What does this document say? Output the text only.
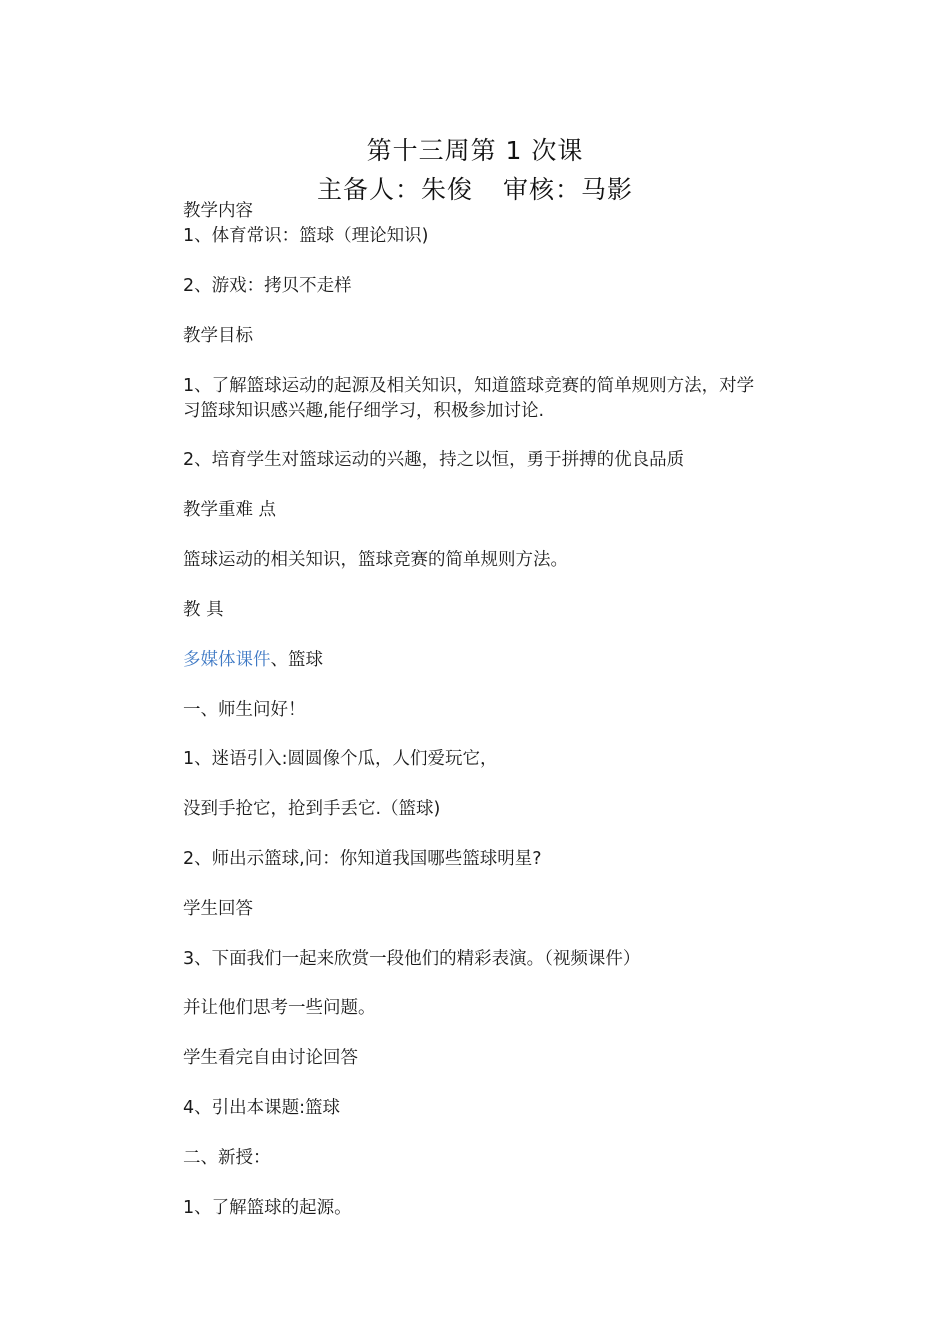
第十三周第 1 次课
主备人：朱俊 审核：马影
教学内容
1、体育常识：篮球（理论知识)
2、游戏：拷贝不走样
教学目标
1、了解篮球运动的起源及相关知识，知道篮球竞赛的简单规则方法，对学
习篮球知识感兴趣,能仔细学习，积极参加讨论.
2、培育学生对篮球运动的兴趣，持之以恒，勇于拼搏的优良品质
教学重难 点
篮球运动的相关知识，篮球竞赛的简单规则方法。
教 具
多媒体课件、篮球
一、师生问好！
1、迷语引入:圆圆像个瓜，人们爱玩它，
没到手抢它，抢到手丢它.（篮球)
2、师出示篮球,问：你知道我国哪些篮球明星?
学生回答
3、下面我们一起来欣赏一段他们的精彩表演。（视频课件）
并让他们思考一些问题。
学生看完自由讨论回答
4、引出本课题:篮球
二、新授：
1、了解篮球的起源。
